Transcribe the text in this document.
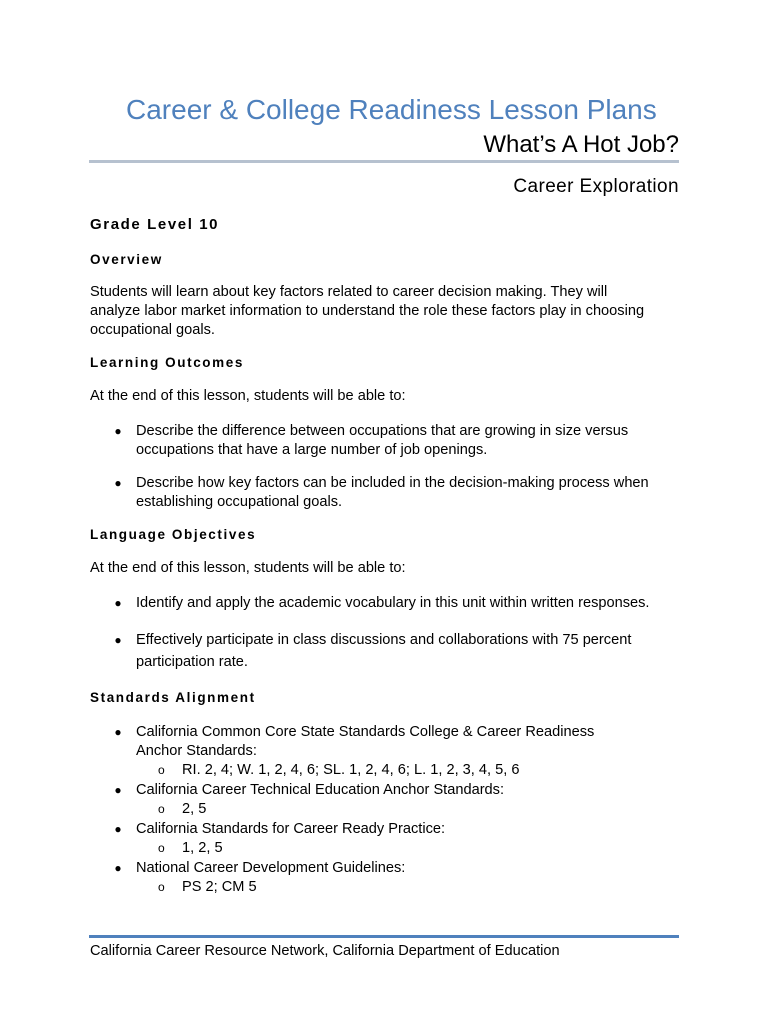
Career & College Readiness Lesson Plans
What’s A Hot Job?
Career Exploration
Grade Level 10
Overview
Students will learn about key factors related to career decision making. They will
analyze labor market information to understand the role these factors play in choosing
occupational goals.
Learning Outcomes
At the end of this lesson, students will be able to:
● Describe the difference between occupations that are growing in size versus
occupations that have a large number of job openings.
● Describe how key factors can be included in the decision-making process when
establishing occupational goals.
Language Objectives
At the end of this lesson, students will be able to:
● Identify and apply the academic vocabulary in this unit within written responses.
● Effectively participate in class discussions and collaborations with 75 percent
participation rate.
Standards Alignment
● California Common Core State Standards College & Career Readiness
Anchor Standards:
o RI. 2, 4; W. 1, 2, 4, 6; SL. 1, 2, 4, 6; L. 1, 2, 3, 4, 5, 6
● California Career Technical Education Anchor Standards:
o 2, 5
● California Standards for Career Ready Practice:
o 1, 2, 5
● National Career Development Guidelines:
o PS 2; CM 5
California Career Resource Network, California Department of Education
